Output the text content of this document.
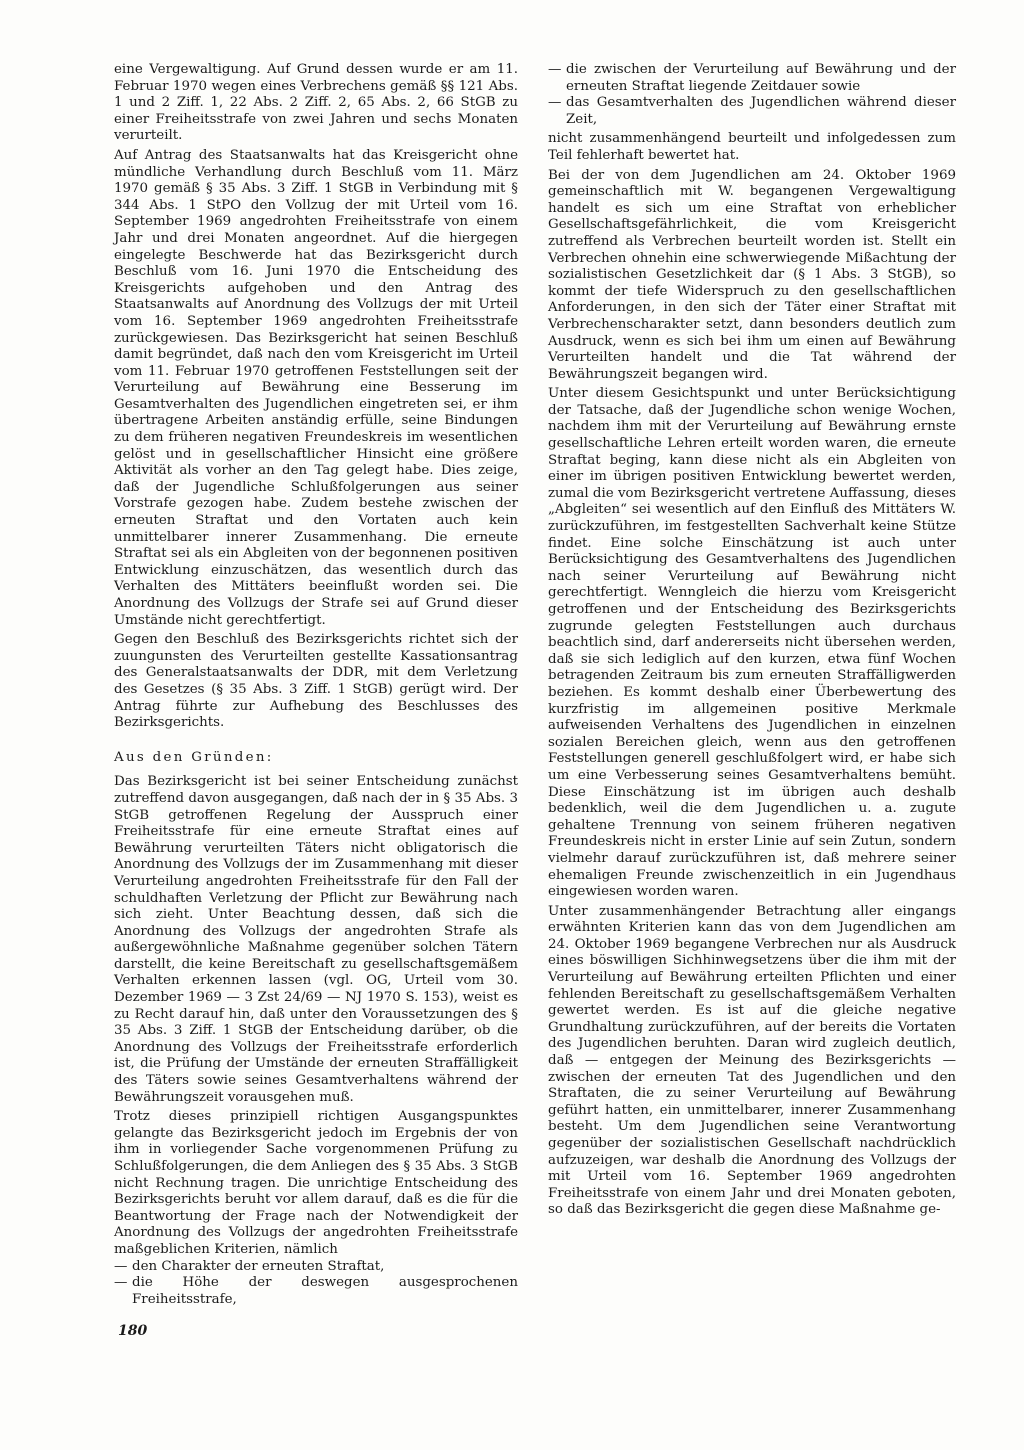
eine Vergewaltigung. Auf Grund dessen wurde er am 11. Februar 1970 wegen eines Verbrechens gemäß §§ 121 Abs. 1 und 2 Ziff. 1, 22 Abs. 2 Ziff. 2, 65 Abs. 2, 66 StGB zu einer Freiheitsstrafe von zwei Jahren und sechs Monaten verurteilt.

Auf Antrag des Staatsanwalts hat das Kreisgericht ohne mündliche Verhandlung durch Beschluß vom 11. März 1970 gemäß § 35 Abs. 3 Ziff. 1 StGB in Verbindung mit § 344 Abs. 1 StPO den Vollzug der mit Urteil vom 16. September 1969 angedrohten Freiheitsstrafe von einem Jahr und drei Monaten angeordnet. Auf die hiergegen eingelegte Beschwerde hat das Bezirksgericht durch Beschluß vom 16. Juni 1970 die Entscheidung des Kreisgerichts aufgehoben und den Antrag des Staatsanwalts auf Anordnung des Vollzugs der mit Urteil vom 16. September 1969 angedrohten Freiheitsstrafe zurückgewiesen. Das Bezirksgericht hat seinen Beschluß damit begründet, daß nach den vom Kreisgericht im Urteil vom 11. Februar 1970 getroffenen Feststellungen seit der Verurteilung auf Bewährung eine Besserung im Gesamtverhalten des Jugendlichen eingetreten sei, er ihm übertragene Arbeiten anständig erfülle, seine Bindungen zu dem früheren negativen Freundeskreis im wesentlichen gelöst und in gesellschaftlicher Hinsicht eine größere Aktivität als vorher an den Tag gelegt habe. Dies zeige, daß der Jugendliche Schlußfolgerungen aus seiner Vorstrafe gezogen habe. Zudem bestehe zwischen der erneuten Straftat und den Vortaten auch kein unmittelbarer innerer Zusammenhang. Die erneute Straftat sei als ein Abgleiten von der begonnenen positiven Entwicklung einzuschätzen, das wesentlich durch das Verhalten des Mittäters beeinflußt worden sei. Die Anordnung des Vollzugs der Strafe sei auf Grund dieser Umstände nicht gerechtfertigt.

Gegen den Beschluß des Bezirksgerichts richtet sich der zuungunsten des Verurteilten gestellte Kassationsantrag des Generalstaatsanwalts der DDR, mit dem Verletzung des Gesetzes (§ 35 Abs. 3 Ziff. 1 StGB) gerügt wird. Der Antrag führte zur Aufhebung des Beschlusses des Bezirksgerichts.

Aus den Gründen:

Das Bezirksgericht ist bei seiner Entscheidung zunächst zutreffend davon ausgegangen, daß nach der in § 35 Abs. 3 StGB getroffenen Regelung der Ausspruch einer Freiheitsstrafe für eine erneute Straftat eines auf Bewährung verurteilten Täters nicht obligatorisch die Anordnung des Vollzugs der im Zusammenhang mit dieser Verurteilung angedrohten Freiheitsstrafe für den Fall der schuldhaften Verletzung der Pflicht zur Bewährung nach sich zieht. Unter Beachtung dessen, daß sich die Anordnung des Vollzugs der angedrohten Strafe als außergewöhnliche Maßnahme gegenüber solchen Tätern darstellt, die keine Bereitschaft zu gesellschaftsgemäßem Verhalten erkennen lassen (vgl. OG, Urteil vom 30. Dezember 1969 — 3 Zst 24/69 — NJ 1970 S. 153), weist es zu Recht darauf hin, daß unter den Voraussetzungen des § 35 Abs. 3 Ziff. 1 StGB der Entscheidung darüber, ob die Anordnung des Vollzugs der Freiheitsstrafe erforderlich ist, die Prüfung der Umstände der erneuten Straffälligkeit des Täters sowie seines Gesamtverhaltens während der Bewährungszeit vorausgehen muß.

Trotz dieses prinzipiell richtigen Ausgangspunktes gelangte das Bezirksgericht jedoch im Ergebnis der von ihm in vorliegender Sache vorgenommenen Prüfung zu Schlußfolgerungen, die dem Anliegen des § 35 Abs. 3 StGB nicht Rechnung tragen. Die unrichtige Entscheidung des Bezirksgerichts beruht vor allem darauf, daß es die für die Beantwortung der Frage nach der Notwendigkeit der Anordnung des Vollzugs der angedrohten Freiheitsstrafe maßgeblichen Kriterien, nämlich

— den Charakter der erneuten Straftat,

— die Höhe der deswegen ausgesprochenen Freiheitsstrafe,

— die zwischen der Verurteilung auf Bewährung und der erneuten Straftat liegende Zeitdauer sowie

— das Gesamtverhalten des Jugendlichen während dieser Zeit,

nicht zusammenhängend beurteilt und infolgedessen zum Teil fehlerhaft bewertet hat.

Bei der von dem Jugendlichen am 24. Oktober 1969 gemeinschaftlich mit W. begangenen Vergewaltigung handelt es sich um eine Straftat von erheblicher Gesellschaftsgefährlichkeit, die vom Kreisgericht zutreffend als Verbrechen beurteilt worden ist. Stellt ein Verbrechen ohnehin eine schwerwiegende Mißachtung der sozialistischen Gesetzlichkeit dar (§ 1 Abs. 3 StGB), so kommt der tiefe Widerspruch zu den gesellschaftlichen Anforderungen, in den sich der Täter einer Straftat mit Verbrechenscharakter setzt, dann besonders deutlich zum Ausdruck, wenn es sich bei ihm um einen auf Bewährung Verurteilten handelt und die Tat während der Bewährungszeit begangen wird.

Unter diesem Gesichtspunkt und unter Berücksichtigung der Tatsache, daß der Jugendliche schon wenige Wochen, nachdem ihm mit der Verurteilung auf Bewährung ernste gesellschaftliche Lehren erteilt worden waren, die erneute Straftat beging, kann diese nicht als ein Abgleiten von einer im übrigen positiven Entwicklung bewertet werden, zumal die vom Bezirksgericht vertretene Auffassung, dieses „Abgleiten“ sei wesentlich auf den Einfluß des Mittäters W. zurückzuführen, im festgestellten Sachverhalt keine Stütze findet. Eine solche Einschätzung ist auch unter Berücksichtigung des Gesamtverhaltens des Jugendlichen nach seiner Verurteilung auf Bewährung nicht gerechtfertigt. Wenngleich die hierzu vom Kreisgericht getroffenen und der Entscheidung des Bezirksgerichts zugrunde gelegten Feststellungen auch durchaus beachtlich sind, darf andererseits nicht übersehen werden, daß sie sich lediglich auf den kurzen, etwa fünf Wochen betragenden Zeitraum bis zum erneuten Straffälligwerden beziehen. Es kommt deshalb einer Überbewertung des kurzfristig im allgemeinen positive Merkmale aufweisenden Verhaltens des Jugendlichen in einzelnen sozialen Bereichen gleich, wenn aus den getroffenen Feststellungen generell geschlußfolgert wird, er habe sich um eine Verbesserung seines Gesamtverhaltens bemüht. Diese Einschätzung ist im übrigen auch deshalb bedenklich, weil die dem Jugendlichen u. a. zugute gehaltene Trennung von seinem früheren negativen Freundeskreis nicht in erster Linie auf sein Zutun, sondern vielmehr darauf zurückzuführen ist, daß mehrere seiner ehemaligen Freunde zwischenzeitlich in ein Jugendhaus eingewiesen worden waren.

Unter zusammenhängender Betrachtung aller eingangs erwähnten Kriterien kann das von dem Jugendlichen am 24. Oktober 1969 begangene Verbrechen nur als Ausdruck eines böswilligen Sichhinwegsetzens über die ihm mit der Verurteilung auf Bewährung erteilten Pflichten und einer fehlenden Bereitschaft zu gesellschaftsgemäßem Verhalten gewertet werden. Es ist auf die gleiche negative Grundhaltung zurückzuführen, auf der bereits die Vortaten des Jugendlichen beruhten. Daran wird zugleich deutlich, daß — entgegen der Meinung des Bezirksgerichts — zwischen der erneuten Tat des Jugendlichen und den Straftaten, die zu seiner Verurteilung auf Bewährung geführt hatten, ein unmittelbarer, innerer Zusammenhang besteht. Um dem Jugendlichen seine Verantwortung gegenüber der sozialistischen Gesellschaft nachdrücklich aufzuzeigen, war deshalb die Anordnung des Vollzugs der mit Urteil vom 16. September 1969 angedrohten Freiheitsstrafe von einem Jahr und drei Monaten geboten, so daß das Bezirksgericht die gegen diese Maßnahme ge-

180
